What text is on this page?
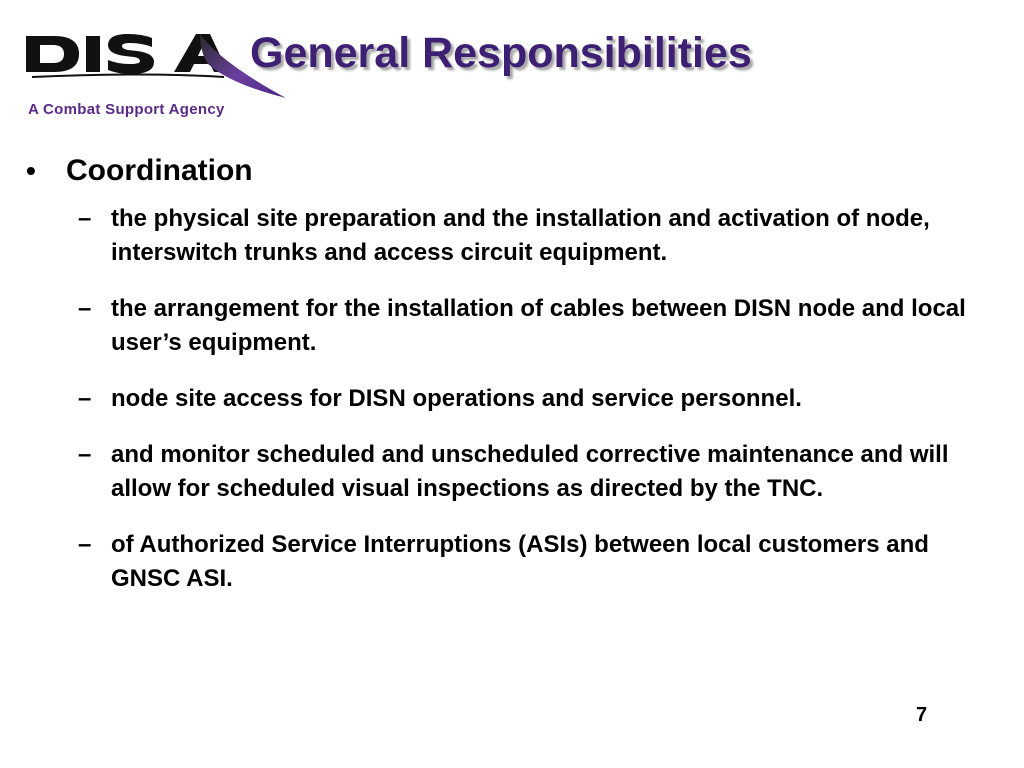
A Combat Support Agency
General Responsibilities
•	Coordination
– the physical site preparation and the installation and activation of node, interswitch trunks and access circuit equipment.
– the arrangement for the installation of cables between DISN node and local user’s equipment.
– node site access for DISN operations and service personnel.
– and monitor scheduled and unscheduled corrective maintenance and will allow for scheduled visual inspections as directed by the TNC.
– of Authorized Service Interruptions (ASIs) between local customers and GNSC ASI.
7
